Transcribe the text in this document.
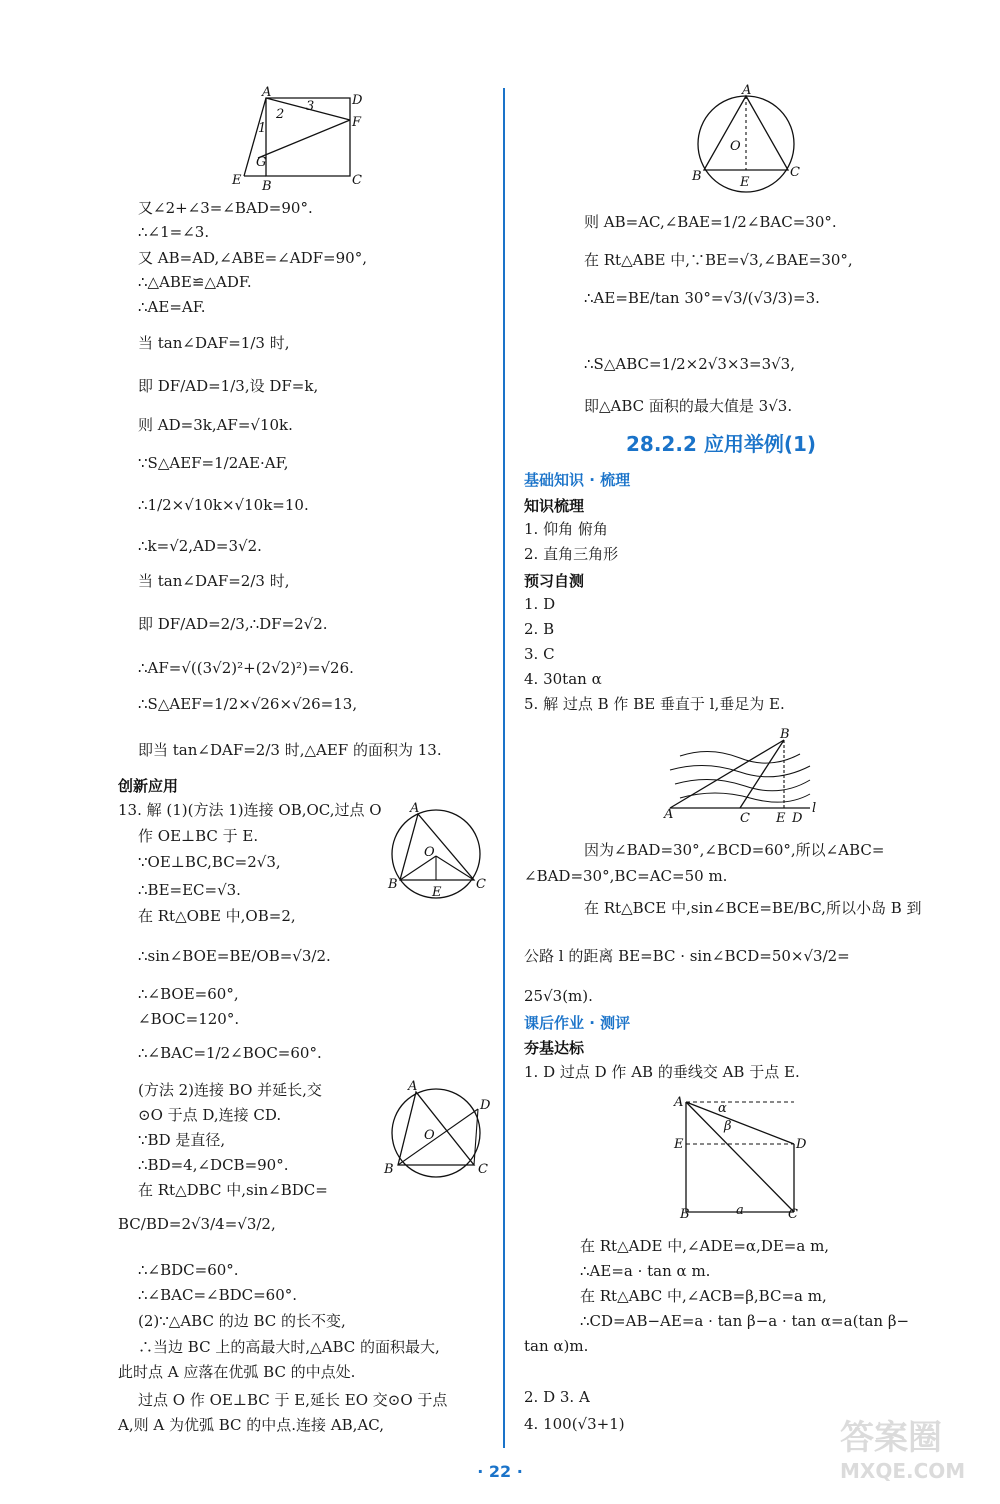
A
D
F
C
B
E
G
1
2
3
又∠2+∠3=∠BAD=90°.
∴∠1=∠3.
又 AB=AD,∠ABE=∠ADF=90°,
∴△ABE≌△ADF.
∴AE=AF.
当 tan∠DAF=1/3 时,
即 DF/AD=1/3,设 DF=k,
则 AD=3k,AF=√10k.
∵S△AEF=1/2AE·AF,
∴1/2×√10k×√10k=10.
∴k=√2,AD=3√2.
当 tan∠DAF=2/3 时,
即 DF/AD=2/3,∴DF=2√2.
∴AF=√((3√2)²+(2√2)²)=√26.
∴S△AEF=1/2×√26×√26=13,
即当 tan∠DAF=2/3 时,△AEF 的面积为 13.
创新应用
13. 解 (1)(方法 1)连接 OB,OC,过点 O
作 OE⊥BC 于 E.
∵OE⊥BC,BC=2√3,
∴BE=EC=√3.
在 Rt△OBE 中,OB=2,
∴sin∠BOE=BE/OB=√3/2.
∴∠BOE=60°,
∠BOC=120°.
∴∠BAC=1/2∠BOC=60°.
(方法 2)连接 BO 并延长,交
⊙O 于点 D,连接 CD.
∵BD 是直径,
∴BD=4,∠DCB=90°.
在 Rt△DBC 中,sin∠BDC=
BC/BD=2√3/4=√3/2,
∴∠BDC=60°.
∴∠BAC=∠BDC=60°.
(2)∵△ABC 的边 BC 的长不变,
∴当边 BC 上的高最大时,△ABC 的面积最大,
此时点 A 应落在优弧 BC 的中点处.
过点 O 作 OE⊥BC 于 E,延长 EO 交⊙O 于点
A,则 A 为优弧 BC 的中点.连接 AB,AC,
A
B	C
O
E
A
B	C
D
O
A
B	C
O
E
则 AB=AC,∠BAE=1/2∠BAC=30°.
在 Rt△ABE 中,∵BE=√3,∠BAE=30°,
∴AE=BE/tan 30°=√3/(√3/3)=3.
∴S△ABC=1/2×2√3×3=3√3,
即△ABC 面积的最大值是 3√3.
28.2.2 应用举例(1)
基础知识 · 梳理
知识梳理
1. 仰角 俯角
2. 直角三角形
预习自测
1. D
2. B
3. C
4. 30tan α
5. 解 过点 B 作 BE 垂直于 l,垂足为 E.
B
A	C E D
l
因为∠BAD=30°,∠BCD=60°,所以∠ABC=
∠BAD=30°,BC=AC=50 m.
在 Rt△BCE 中,sin∠BCE=BE/BC,所以小岛 B 到
公路 l 的距离 BE=BC · sin∠BCD=50×√3/2=
25√3(m).
课后作业 · 测评
夯基达标
A
E	D
B	C
a
α
β
1. D 过点 D 作 AB 的垂线交 AB 于点 E.
在 Rt△ADE 中,∠ADE=α,DE=a m,
∴AE=a · tan α m.
在 Rt△ABC 中,∠ACB=β,BC=a m,
∴CD=AB−AE=a · tan β−a · tan α=a(tan β−
tan α)m.
2. D 3. A
4. 100(√3+1)
· 22 ·
答案圈
MXQE.COM
